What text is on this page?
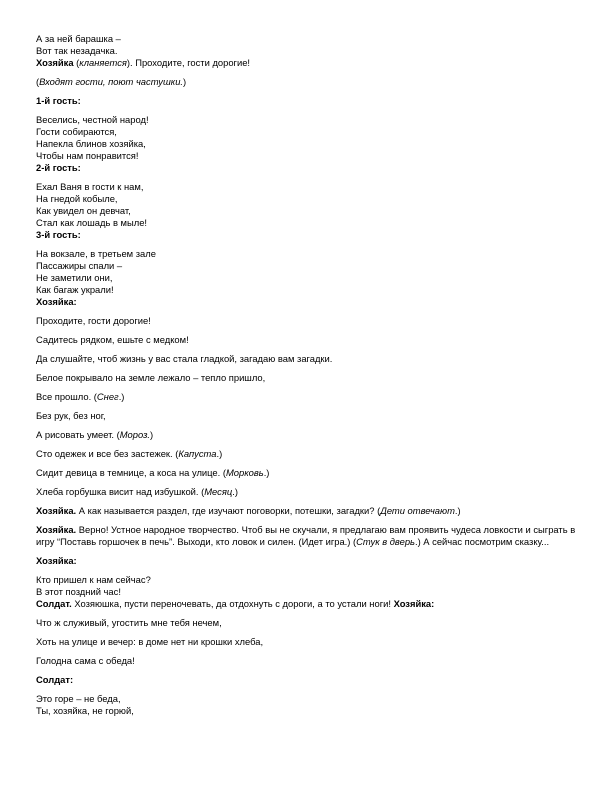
А за ней барашка –

Вот так незадачка.

Хозяйка (кланяется). Проходите, гости дорогие!

(Входят гости, поют частушки.)

1-й гость:

Веселись, честной народ!

Гости собираются,

Напекла блинов хозяйка,

Чтобы нам понравится!

2-й гость:

Ехал Ваня в гости к нам,

На гнедой кобыле,

Как увидел он девчат,

Стал как лошадь в мыле!

3-й гость:

На вокзале, в третьем зале

Пассажиры спали –

Не заметили они,

Как багаж украли!

Хозяйка:

Проходите, гости дорогие!

Садитесь рядком, ешьте с медком!

Да слушайте, чтоб жизнь у вас стала гладкой, загадаю вам загадки.

Белое покрывало на земле лежало – тепло пришло,

Все прошло. (Снег.)

Без рук, без ног,

А рисовать умеет. (Мороз.)

Сто одежек и все без застежек. (Капуста.)

Сидит девица в темнице, а коса на улице. (Морковь.)

Хлеба горбушка висит над избушкой. (Месяц.)

Хозяйка. А как называется раздел, где изучают поговорки, потешки, загадки? (Дети отвечают.)

Хозяйка. Верно! Устное народное творчество. Чтоб вы не скучали, я предлагаю вам проявить чудеса ловкости и сыграть в игру “Поставь горшочек в печь”. Выходи, кто ловок и силен. (Идет игра.) (Стук в дверь.) А сейчас посмотрим сказку...

Хозяйка:

Кто пришел к нам сейчас?

В этот поздний час!

Солдат. Хозяюшка, пусти переночевать, да отдохнуть с дороги, а то устали ноги! Хозяйка:

Что ж служивый, угостить мне тебя нечем,

Хоть на улице и вечер: в доме нет ни крошки хлеба,

Голодна сама с обеда!

Солдат:

Это горе – не беда,

Ты, хозяйка, не горюй,
